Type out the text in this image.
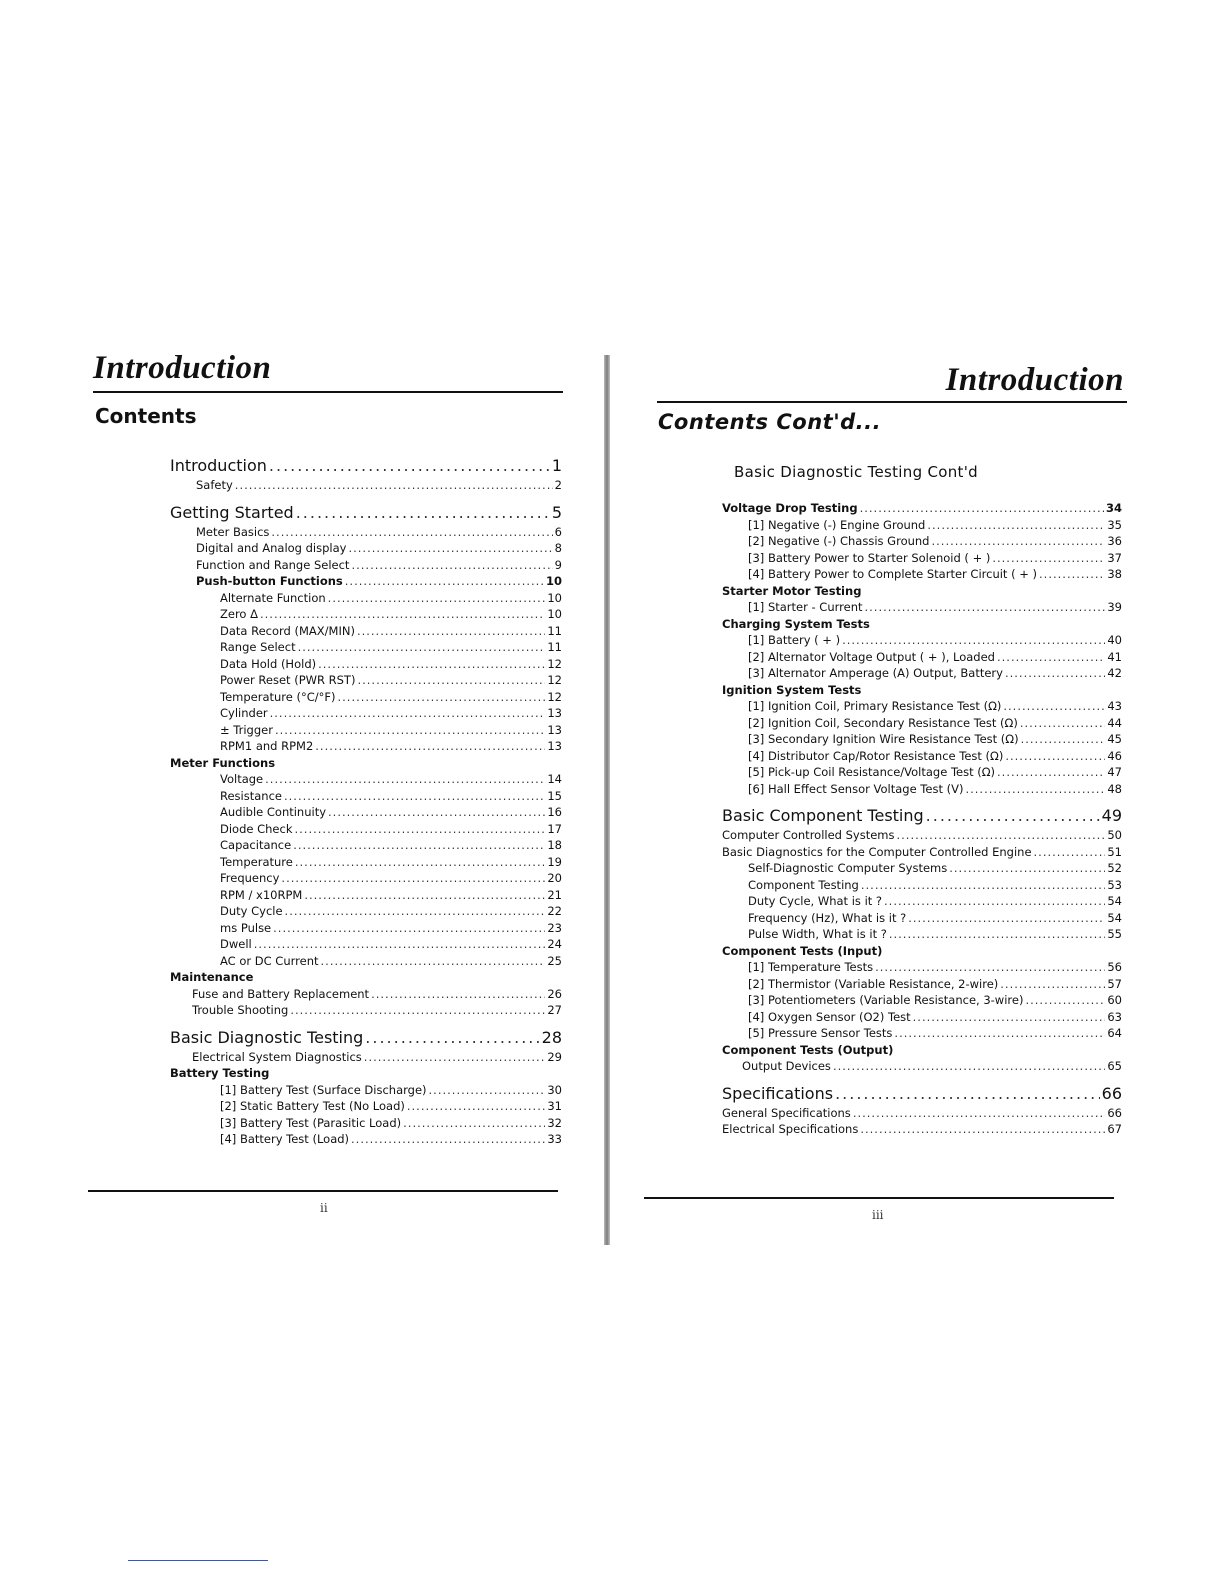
Introduction
Contents
Introduction .....	1
Safety .....	2
Getting Started .....	5
Meter Basics .....	6
Digital and Analog display .....	8
Function and Range Select .....	9
Push-button Functions .....	10
Alternate Function .....	10
Zero Δ .....	10
Data Record (MAX/MIN) .....	11
Range Select .....	11
Data Hold (Hold) .....	12
Power Reset (PWR RST) .....	12
Temperature (°C/°F) .....	12
Cylinder .....	13
± Trigger .....	13
RPM1 and RPM2 .....	13
Meter Functions
Voltage .....	14
Resistance .....	15
Audible Continuity .....	16
Diode Check .....	17
Capacitance .....	18
Temperature .....	19
Frequency .....	20
RPM / x10RPM .....	21
Duty Cycle .....	22
ms Pulse .....	23
Dwell .....	24
AC or DC Current .....	25
Maintenance
Fuse and Battery Replacement .....	26
Trouble Shooting .....	27
Basic Diagnostic Testing .....	28
Electrical System Diagnostics .....	29
Battery Testing
[1] Battery Test (Surface Discharge) .....	30
[2] Static Battery Test (No Load) .....	31
[3] Battery Test (Parasitic Load) .....	32
[4] Battery Test (Load) .....	33
ii
Introduction
Contents Cont'd...
Basic Diagnostic Testing Cont'd
Voltage Drop Testing .....	34
[1] Negative (-) Engine Ground .....	35
[2] Negative (-) Chassis Ground .....	36
[3] Battery Power to Starter Solenoid ( + ) .....	37
[4] Battery Power to Complete Starter Circuit ( + ) .....	38
Starter Motor Testing
[1] Starter - Current .....	39
Charging System Tests
[1] Battery ( + ) .....	40
[2] Alternator Voltage Output ( + ), Loaded .....	41
[3] Alternator Amperage (A) Output, Battery .....	42
Ignition System Tests
[1] Ignition Coil, Primary Resistance Test (Ω) .....	43
[2] Ignition Coil, Secondary Resistance Test (Ω) .....	44
[3] Secondary Ignition Wire Resistance Test (Ω) .....	45
[4] Distributor Cap/Rotor Resistance Test (Ω) .....	46
[5] Pick-up Coil Resistance/Voltage Test (Ω) .....	47
[6] Hall Effect Sensor Voltage Test (V) .....	48
Basic Component Testing .....	49
Computer Controlled Systems .....	50
Basic Diagnostics for the Computer Controlled Engine .....	51
Self-Diagnostic Computer Systems .....	52
Component Testing .....	53
Duty Cycle, What is it ? .....	54
Frequency (Hz), What is it ? .....	54
Pulse Width, What is it ? .....	55
Component Tests (Input)
[1] Temperature Tests .....	56
[2] Thermistor (Variable Resistance, 2-wire) .....	57
[3] Potentiometers (Variable Resistance, 3-wire) .....	60
[4] Oxygen Sensor (O2) Test .....	63
[5] Pressure Sensor Tests .....	64
Component Tests (Output)
Output Devices .....	65
Specifications .....	66
General Specifications .....	66
Electrical Specifications .....	67
iii
